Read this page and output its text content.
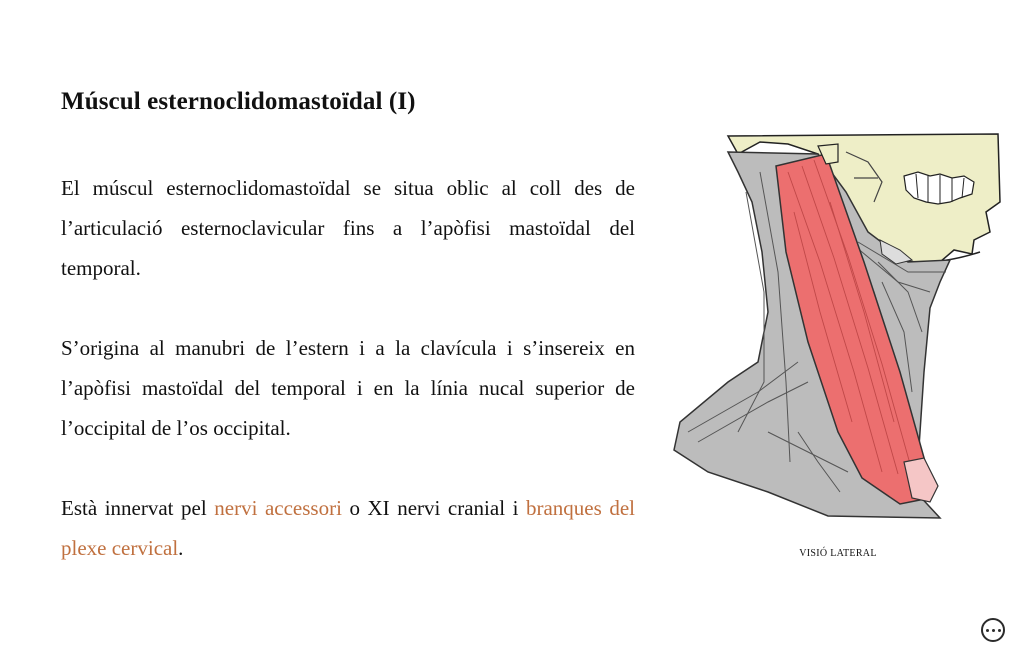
Múscul esternoclidomastoïdal (I)

El múscul esternoclidomastoïdal se situa oblic al coll des de l’articulació esternoclavicular fins a l’apòfisi mastoïdal del temporal.

S’origina al manubri de l’estern i a la clavícula i s’insereix en l’apòfisi mastoïdal del temporal i en la línia nucal superior de l’occipital de l’os occipital.

Està innervat pel nervi accessori o XI nervi cranial i branques del plexe cervical.	VISIÓ LATERAL
